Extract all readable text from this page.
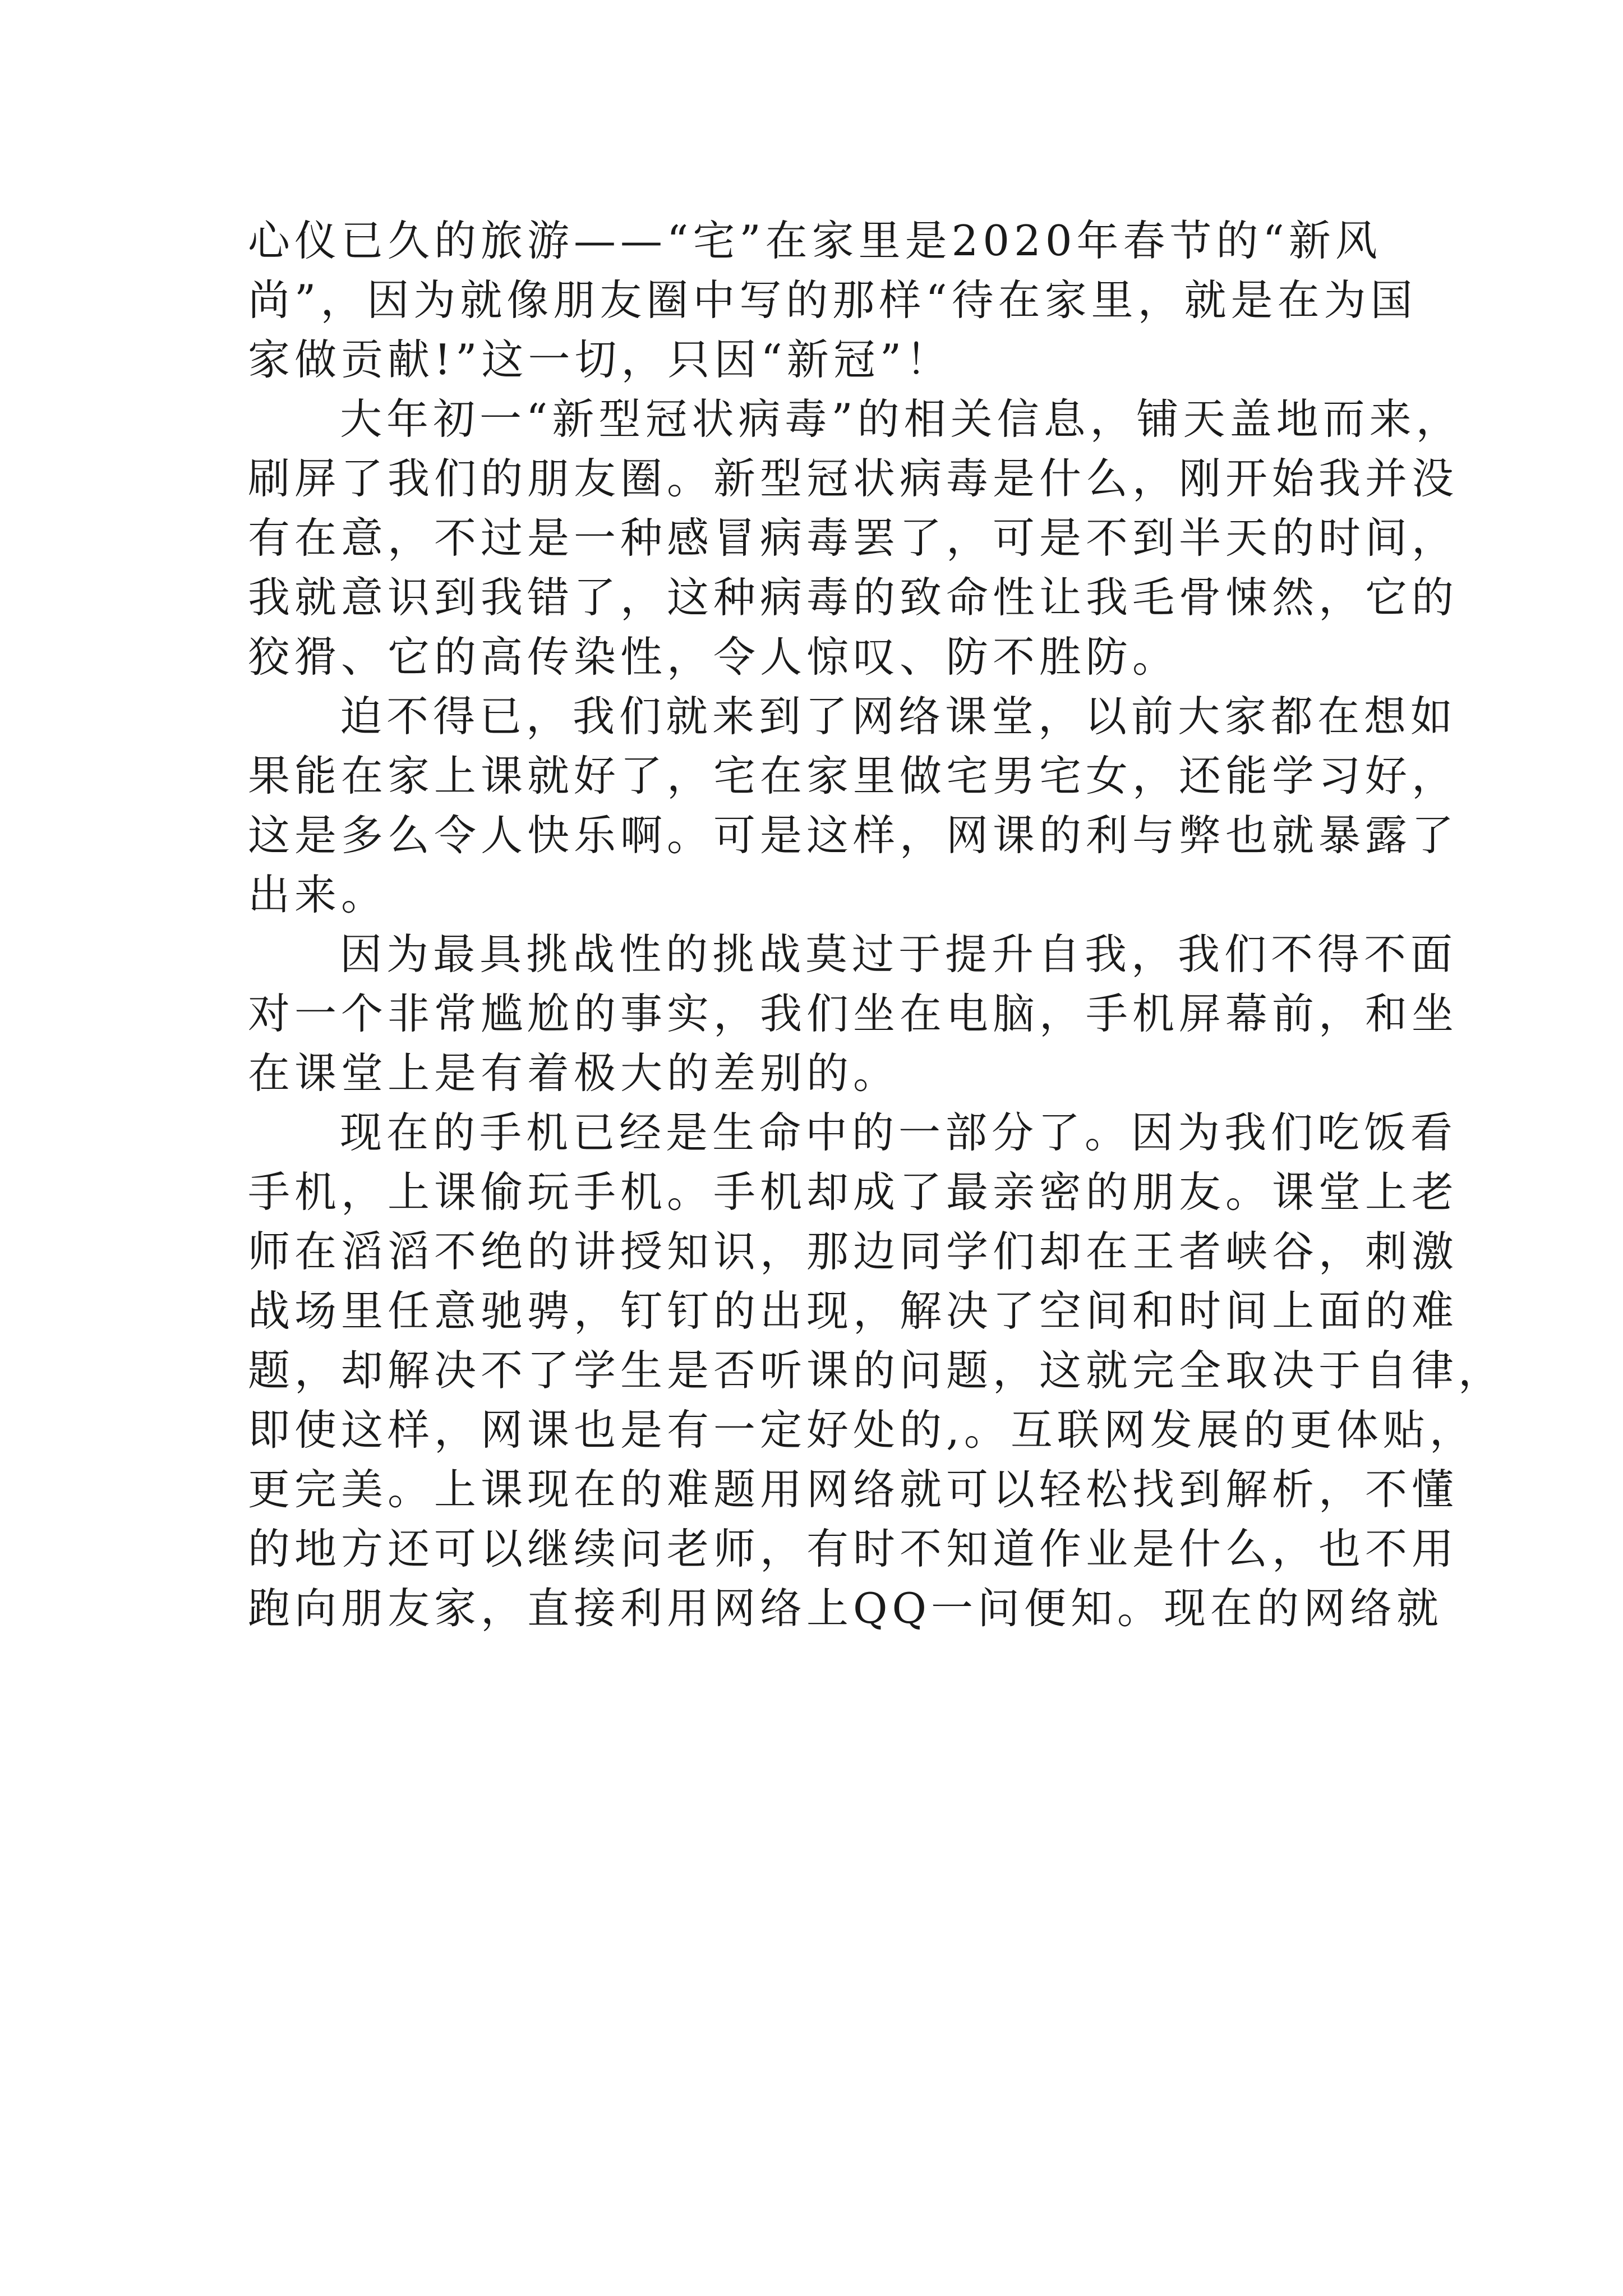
心仪已久的旅游——“宅”在家里是2020年春节的“新风
尚”，因为就像朋友圈中写的那样“待在家里，就是在为国
家做贡献!”这一切，只因“新冠”！
大年初一“新型冠状病毒”的相关信息，铺天盖地而来，
刷屏了我们的朋友圈。新型冠状病毒是什么，刚开始我并没
有在意，不过是一种感冒病毒罢了，可是不到半天的时间，
我就意识到我错了，这种病毒的致命性让我毛骨悚然，它的
狡猾、它的高传染性，令人惊叹、防不胜防。
迫不得已，我们就来到了网络课堂，以前大家都在想如
果能在家上课就好了，宅在家里做宅男宅女，还能学习好，
这是多么令人快乐啊。可是这样，网课的利与弊也就暴露了
出来。
因为最具挑战性的挑战莫过于提升自我，我们不得不面
对一个非常尴尬的事实，我们坐在电脑，手机屏幕前，和坐
在课堂上是有着极大的差别的。
现在的手机已经是生命中的一部分了。因为我们吃饭看
手机，上课偷玩手机。手机却成了最亲密的朋友。课堂上老
师在滔滔不绝的讲授知识，那边同学们却在王者峡谷，刺激
战场里任意驰骋，钉钉的出现，解决了空间和时间上面的难
题，却解决不了学生是否听课的问题，这就完全取决于自律，
即使这样，网课也是有一定好处的,。互联网发展的更体贴，
更完美。上课现在的难题用网络就可以轻松找到解析，不懂
的地方还可以继续问老师，有时不知道作业是什么，也不用
跑向朋友家，直接利用网络上QQ一问便知。现在的网络就
